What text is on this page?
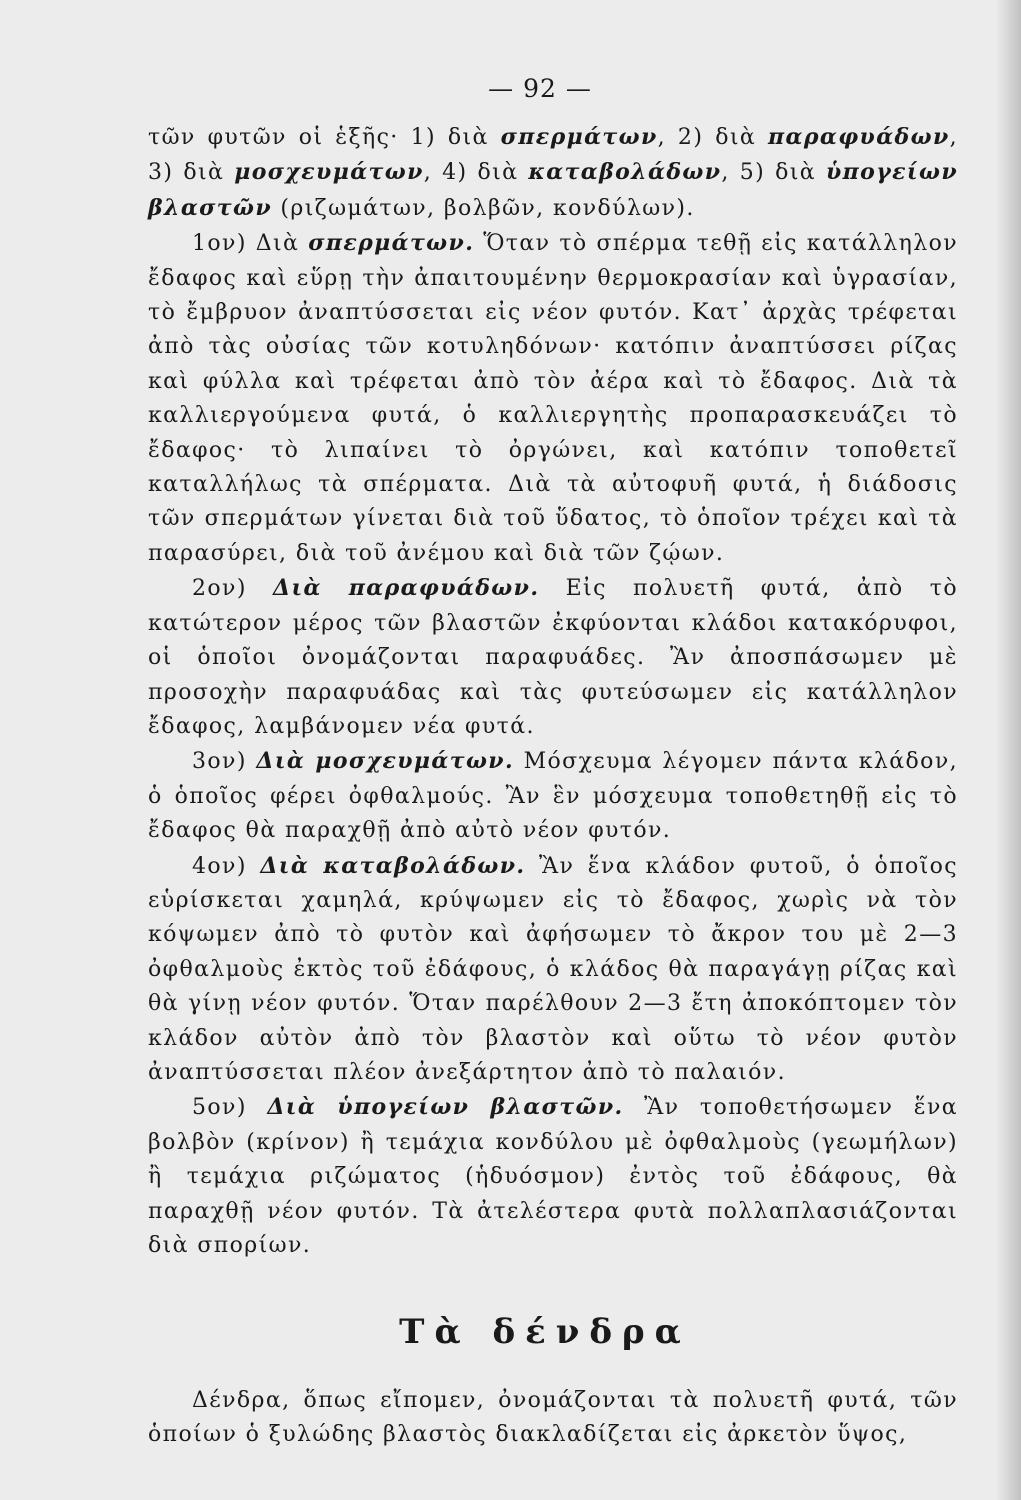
— 92 —

τῶν φυτῶν οἱ ἑξῆς· 1) διὰ σπερμάτων, 2) διὰ παραφυάδων, 3) διὰ μοσχευμάτων, 4) διὰ καταβολάδων, 5) διὰ ὑπογείων βλαστῶν (ριζωμάτων, βολβῶν, κονδύλων).

1ον) Διὰ σπερμάτων. Ὅταν τὸ σπέρμα τεθῇ εἰς κατάλληλον ἔδαφος καὶ εὕρῃ τὴν ἀπαιτουμένην θερμοκρασίαν καὶ ὑγρασίαν, τὸ ἔμβρυον ἀναπτύσσεται εἰς νέον φυτόν. Κατ᾽ ἀρχὰς τρέφεται ἀπὸ τὰς οὐσίας τῶν κοτυληδόνων· κατόπιν ἀναπτύσσει ρίζας καὶ φύλλα καὶ τρέφεται ἀπὸ τὸν ἀέρα καὶ τὸ ἔδαφος. Διὰ τὰ καλλιεργούμενα φυτά, ὁ καλλιεργητὴς προπαρασκευάζει τὸ ἔδαφος· τὸ λιπαίνει τὸ ὀργώνει, καὶ κατόπιν τοποθετεῖ καταλλήλως τὰ σπέρματα. Διὰ τὰ αὐτοφυῆ φυτά, ἡ διάδοσις τῶν σπερμάτων γίνεται διὰ τοῦ ὕδατος, τὸ ὁποῖον τρέχει καὶ τὰ παρασύρει, διὰ τοῦ ἀνέμου καὶ διὰ τῶν ζῴων.

2ον) Διὰ παραφυάδων. Εἰς πολυετῆ φυτά, ἀπὸ τὸ κατώτερον μέρος τῶν βλαστῶν ἐκφύονται κλάδοι κατακόρυφοι, οἱ ὁποῖοι ὀνομάζονται παραφυάδες. Ἂν ἀποσπάσωμεν μὲ προσοχὴν παραφυάδας καὶ τὰς φυτεύσωμεν εἰς κατάλληλον ἔδαφος, λαμβάνομεν νέα φυτά.

3ον) Διὰ μοσχευμάτων. Μόσχευμα λέγομεν πάντα κλάδον, ὁ ὁποῖος φέρει ὀφθαλμούς. Ἂν ἓν μόσχευμα τοποθετηθῇ εἰς τὸ ἔδαφος θὰ παραχθῇ ἀπὸ αὐτὸ νέον φυτόν.

4ον) Διὰ καταβολάδων. Ἂν ἕνα κλάδον φυτοῦ, ὁ ὁποῖος εὑρίσκεται χαμηλά, κρύψωμεν εἰς τὸ ἔδαφος, χωρὶς νὰ τὸν κόψωμεν ἀπὸ τὸ φυτὸν καὶ ἀφήσωμεν τὸ ἄκρον του μὲ 2—3 ὀφθαλμοὺς ἐκτὸς τοῦ ἐδάφους, ὁ κλάδος θὰ παραγάγῃ ρίζας καὶ θὰ γίνῃ νέον φυτόν. Ὅταν παρέλθουν 2—3 ἔτη ἀποκόπτομεν τὸν κλάδον αὐτὸν ἀπὸ τὸν βλαστὸν καὶ οὕτω τὸ νέον φυτὸν ἀναπτύσσεται πλέον ἀνεξάρτητον ἀπὸ τὸ παλαιόν.

5ον) Διὰ ὑπογείων βλαστῶν. Ἂν τοποθετήσωμεν ἕνα βολβὸν (κρίνον) ἢ τεμάχια κονδύλου μὲ ὀφθαλμοὺς (γεωμήλων) ἢ τεμάχια ριζώματος (ἡδυόσμον) ἐντὸς τοῦ ἐδάφους, θὰ παραχθῇ νέον φυτόν. Τὰ ἀτελέστερα φυτὰ πολλαπλασιάζονται διὰ σπορίων.

Τὰ δένδρα

Δένδρα, ὅπως εἴπομεν, ὀνομάζονται τὰ πολυετῆ φυτά, τῶν ὁποίων ὁ ξυλώδης βλαστὸς διακλαδίζεται εἰς ἀρκετὸν ὕψος,
